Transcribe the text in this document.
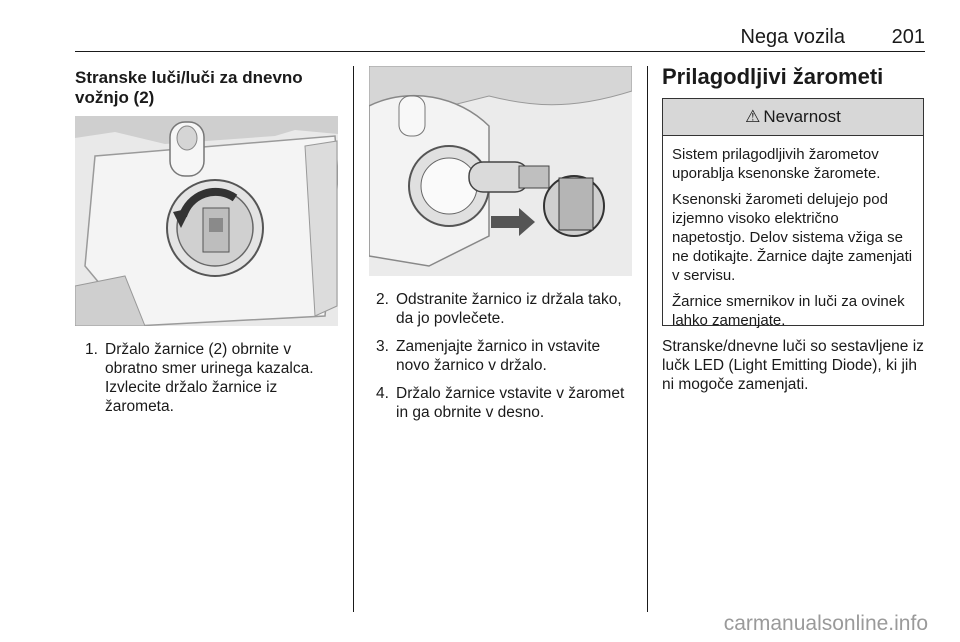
Nega vozila 201
Stranske luči/luči za dnevno vožnjo (2)
1. Držalo žarnice (2) obrnite v obratno smer urinega kazalca. Izvlecite držalo žarnice iz žarometa.
2. Odstranite žarnico iz držala tako, da jo povlečete.
3. Zamenjajte žarnico in vstavite novo žarnico v držalo.
4. Držalo žarnice vstavite v žaromet in ga obrnite v desno.
Prilagodljivi žarometi
⚠ Nevarnost

Sistem prilagodljivih žarometov uporablja ksenonske žaromete.

Ksenonski žarometi delujejo pod izjemno visoko električno napetostjo. Delov sistema vžiga se ne dotikajte. Žarnice dajte zamenjati v servisu.

Žarnice smernikov in luči za ovinek lahko zamenjate.

Stranske/dnevne luči so sestavljene iz lučk LED (Light Emitting Diode), ki jih ni mogoče zamenjati.
carmanualsonline.info
